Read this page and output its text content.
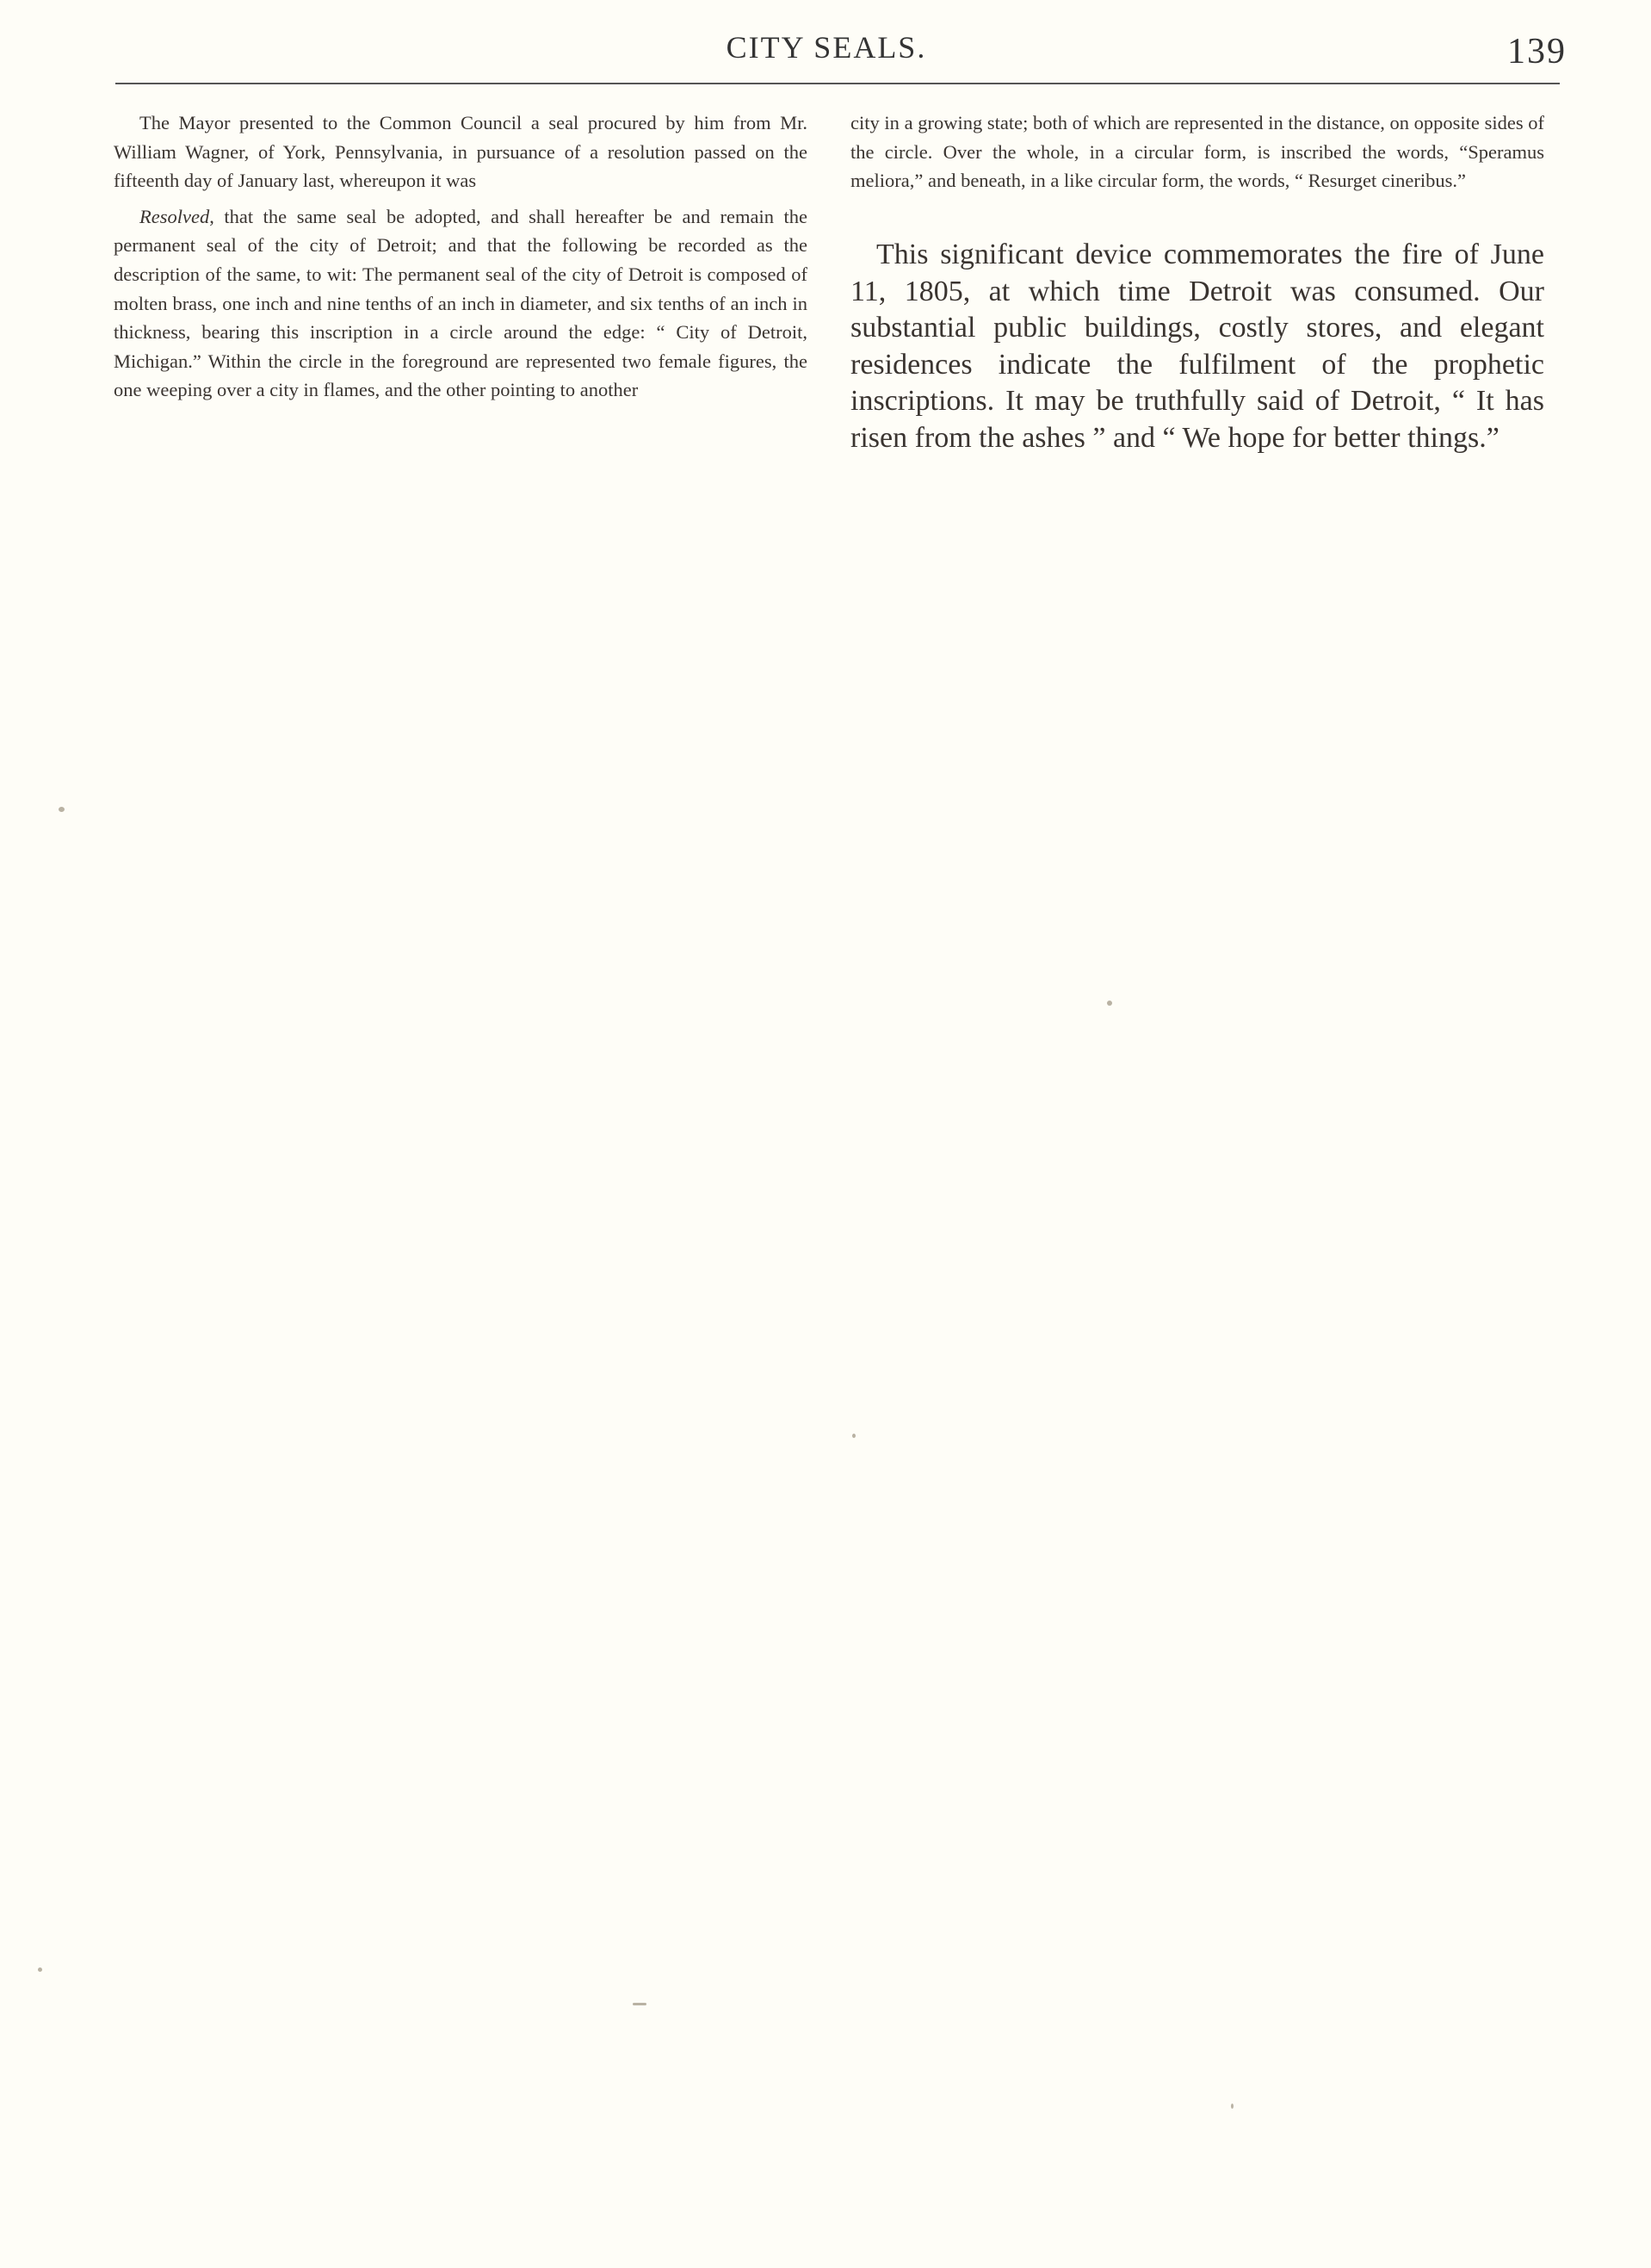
CITY SEALS.	139

The Mayor presented to the Common Council a seal procured by him from Mr. William Wagner, of York, Pennsylvania, in pursuance of a resolution passed on the fifteenth day of January last, whereupon it was

Resolved, that the same seal be adopted, and shall hereafter be and remain the permanent seal of the city of Detroit; and that the following be recorded as the description of the same, to wit: The permanent seal of the city of Detroit is composed of molten brass, one inch and nine tenths of an inch in diameter, and six tenths of an inch in thickness, bearing this inscription in a circle around the edge: “ City of Detroit, Michigan.” Within the circle in the foreground are represented two female figures, the one weeping over a city in flames, and the other pointing to another

city in a growing state; both of which are represented in the distance, on opposite sides of the circle. Over the whole, in a circular form, is inscribed the words, “Speramus meliora,” and beneath, in a like circular form, the words, “ Resurget cineribus.”

This significant device commemorates the fire of June 11, 1805, at which time Detroit was consumed. Our substantial public buildings, costly stores, and elegant residences indicate the fulfilment of the prophetic inscriptions. It may be truthfully said of Detroit, “ It has risen from the ashes ” and “ We hope for better things.”
